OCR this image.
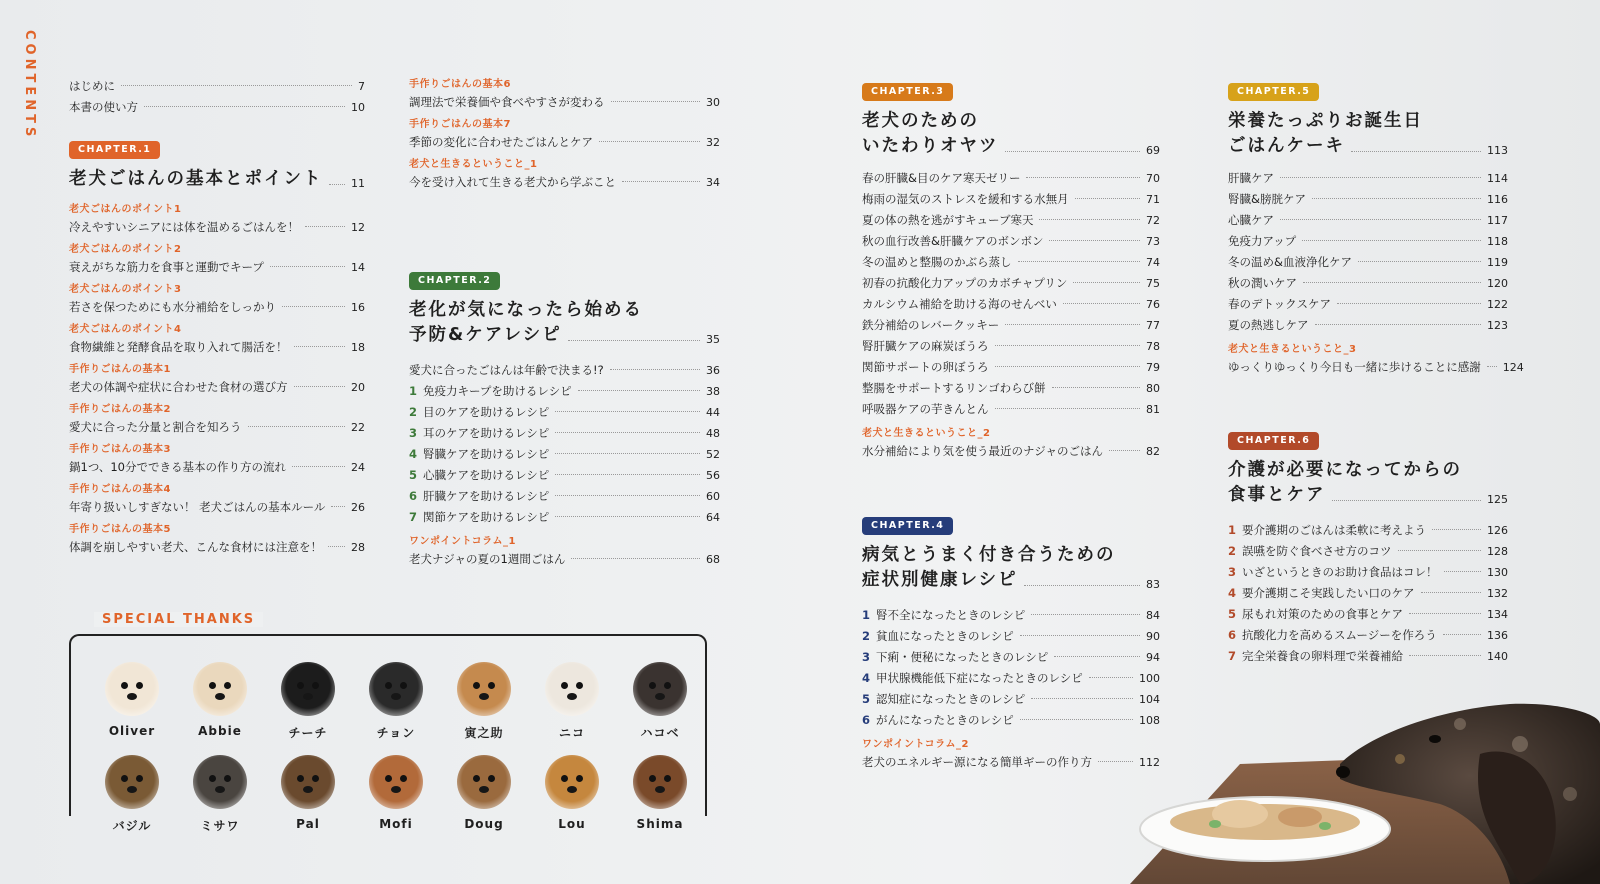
CONTENTS	はじめに	7
本書の使い方	10
CHAPTER.1
老犬ごはんの基本とポイント	11
老犬ごはんのポイント1
冷えやすいシニアには体を温めるごはんを！	12
老犬ごはんのポイント2
衰えがちな筋力を食事と運動でキープ	14
老犬ごはんのポイント3
若さを保つためにも水分補給をしっかり	16
老犬ごはんのポイント4
食物繊維と発酵食品を取り入れて腸活を！	18
手作りごはんの基本1
老犬の体調や症状に合わせた食材の選び方	20
手作りごはんの基本2
愛犬に合った分量と割合を知ろう	22
手作りごはんの基本3
鍋1つ、10分でできる基本の作り方の流れ	24
手作りごはんの基本4
年寄り扱いしすぎない！ 老犬ごはんの基本ルール 26
手作りごはんの基本5
体調を崩しやすい老犬、こんな食材には注意を！	28
手作りごはんの基本6
調理法で栄養価や食べやすさが変わる	30
手作りごはんの基本7
季節の変化に合わせたごはんとケア	32
老犬と生きるということ_1
今を受け入れて生きる老犬から学ぶこと	34
CHAPTER.2
老化が気になったら始める
予防&ケアレシピ	35
愛犬に合ったごはんは年齢で決まる!?	36
1 免疫力キープを助けるレシピ	38
2 目のケアを助けるレシピ	44
3 耳のケアを助けるレシピ	48
4 腎臓ケアを助けるレシピ	52
5 心臓ケアを助けるレシピ	56
6 肝臓ケアを助けるレシピ	60
7 関節ケアを助けるレシピ	64
ワンポイントコラム_1
老犬ナジャの夏の1週間ごはん	68
CHAPTER.3
老犬のための
いたわりオヤツ	69
春の肝臓&目のケア寒天ゼリー	70
梅雨の湿気のストレスを緩和する水無月	71
夏の体の熱を逃がすキューブ寒天	72
秋の血行改善&肝臓ケアのボンボン	73
冬の温めと整腸のかぶら蒸し	74
初春の抗酸化力アップのカボチャプリン	75
カルシウム補給を助ける海のせんべい	76
鉄分補給のレバークッキー	77
腎肝臓ケアの麻炭ぼうろ	78
関節サポートの卵ぼうろ	79
整腸をサポートするリンゴわらび餅	80
呼吸器ケアの芋きんとん	81
老犬と生きるということ_2
水分補給により気を使う最近のナジャのごはん	82
CHAPTER.4
病気とうまく付き合うための
症状別健康レシピ	83
1 腎不全になったときのレシピ	84
2 貧血になったときのレシピ	90
3 下痢・便秘になったときのレシピ	94
4 甲状腺機能低下症になったときのレシピ	100
5 認知症になったときのレシピ	104
6 がんになったときのレシピ	108
ワンポイントコラム_2
老犬のエネルギー源になる簡単ギーの作り方	112
CHAPTER.5
栄養たっぷりお誕生日
ごはんケーキ	113
肝臓ケア	114
腎臓&膀胱ケア	116
心臓ケア	117
免疫力アップ	118
冬の温め&血液浄化ケア	119
秋の潤いケア	120
春のデトックスケア	122
夏の熱逃しケア	123
老犬と生きるということ_3
ゆっくりゆっくり今日も一緒に歩けることに感謝 124
CHAPTER.6
介護が必要になってからの
食事とケア	125
1 要介護期のごはんは柔軟に考えよう	126
2 誤嚥を防ぐ食べさせ方のコツ	128
3 いざというときのお助け食品はコレ！	130
4 要介護期こそ実践したい口のケア	132
5 尿もれ対策のための食事とケア	134
6 抗酸化力を高めるスムージーを作ろう	136
7 完全栄養食の卵料理で栄養補給	140
SPECIAL THANKS
Oliver	Abbie	チーチ	チョン	寅之助	ニコ	ハコベ
バジル	ミサワ	Pal	Mofi	Doug	Lou	Shima
